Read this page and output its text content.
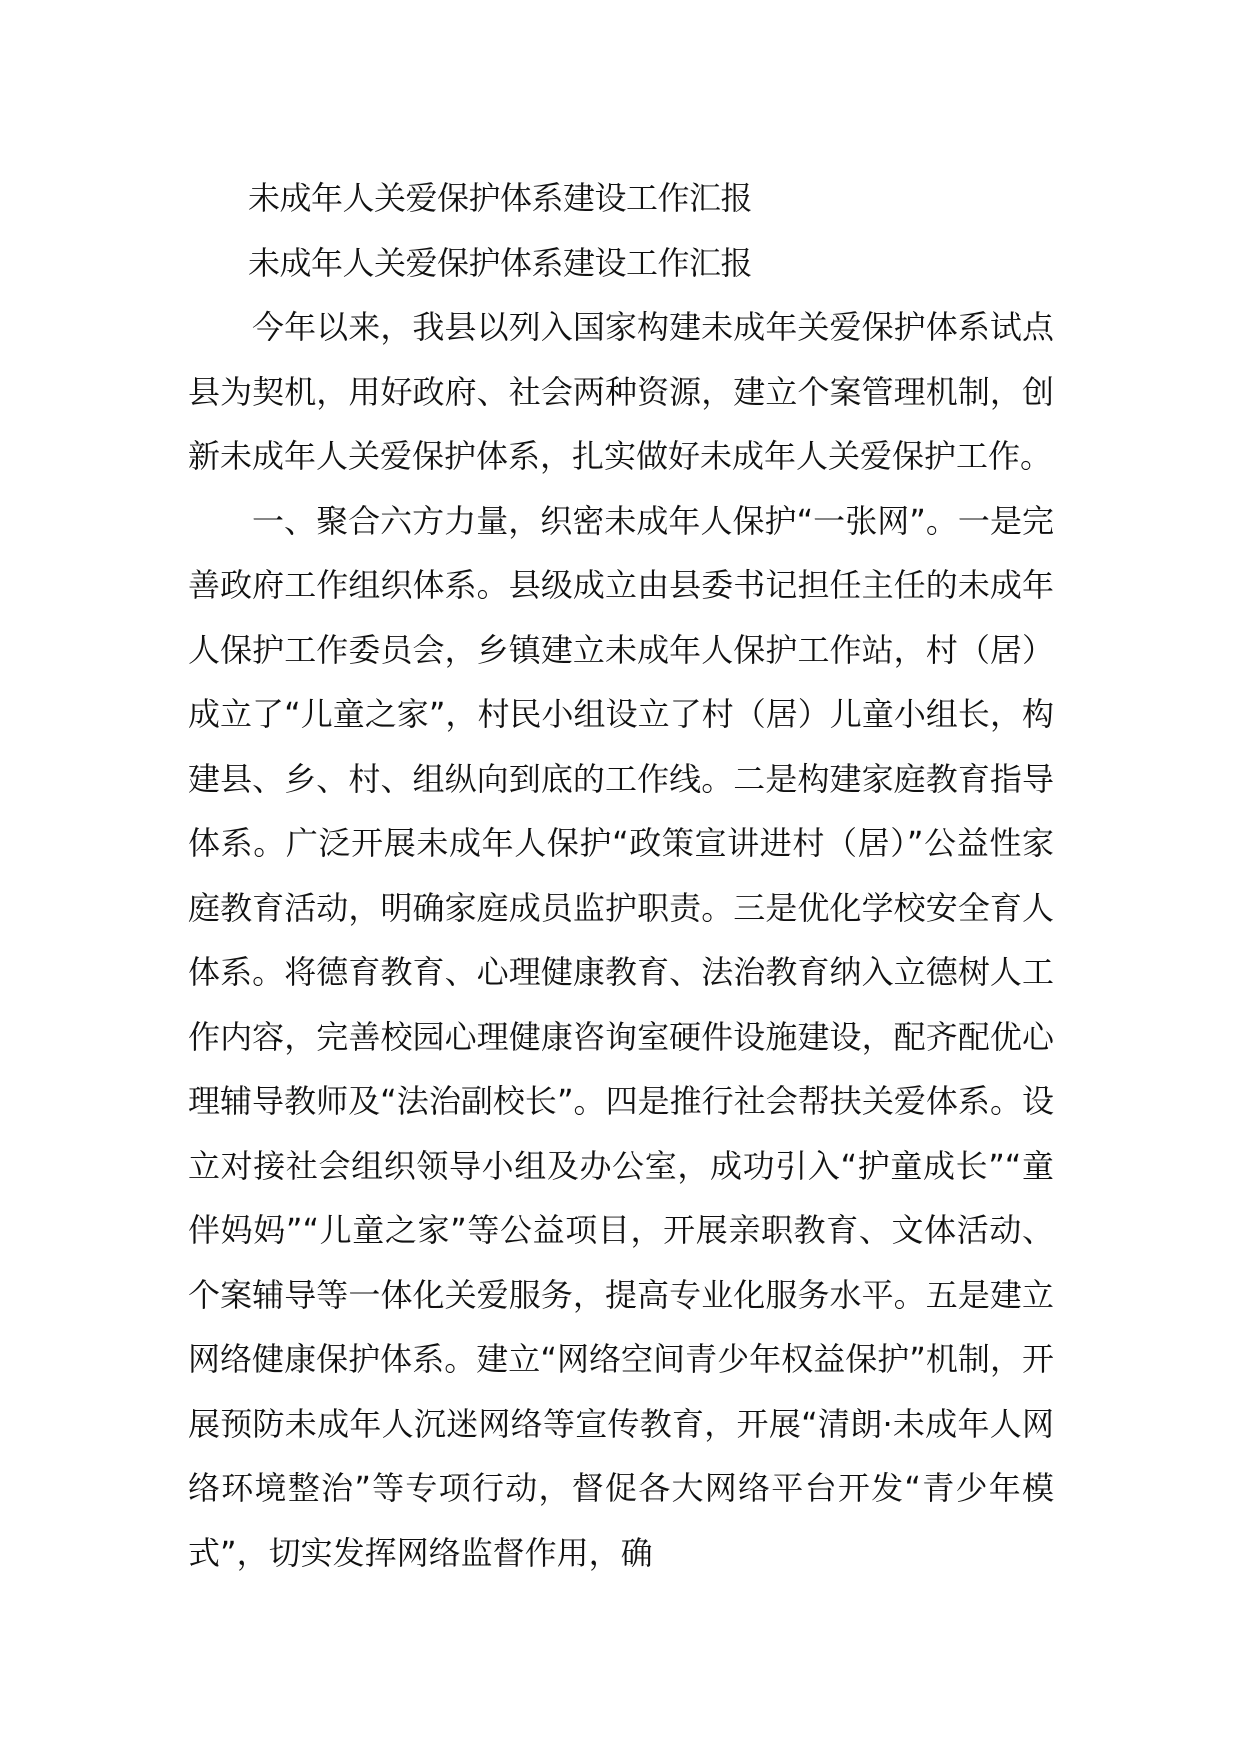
未成年人关爱保护体系建设工作汇报

未成年人关爱保护体系建设工作汇报

今年以来，我县以列入国家构建未成年关爱保护体系试点县为契机，用好政府、社会两种资源，建立个案管理机制，创新未成年人关爱保护体系，扎实做好未成年人关爱保护工作。

一、聚合六方力量，织密未成年人保护“一张网”。一是完善政府工作组织体系。县级成立由县委书记担任主任的未成年人保护工作委员会，乡镇建立未成年人保护工作站，村（居）成立了“儿童之家”，村民小组设立了村（居）儿童小组长，构建县、乡、村、组纵向到底的工作线。二是构建家庭教育指导体系。广泛开展未成年人保护“政策宣讲进村（居）”公益性家庭教育活动，明确家庭成员监护职责。三是优化学校安全育人体系。将德育教育、心理健康教育、法治教育纳入立德树人工作内容，完善校园心理健康咨询室硬件设施建设，配齐配优心理辅导教师及“法治副校长”。四是推行社会帮扶关爱体系。设立对接社会组织领导小组及办公室，成功引入“护童成长”“童伴妈妈”“儿童之家”等公益项目，开展亲职教育、文体活动、个案辅导等一体化关爱服务，提高专业化服务水平。五是建立网络健康保护体系。建立“网络空间青少年权益保护”机制，开展预防未成年人沉迷网络等宣传教育，开展“清朗·未成年人网络环境整治”等专项行动，督促各大网络平台开发“青少年模式”，切实发挥网络监督作用，确
